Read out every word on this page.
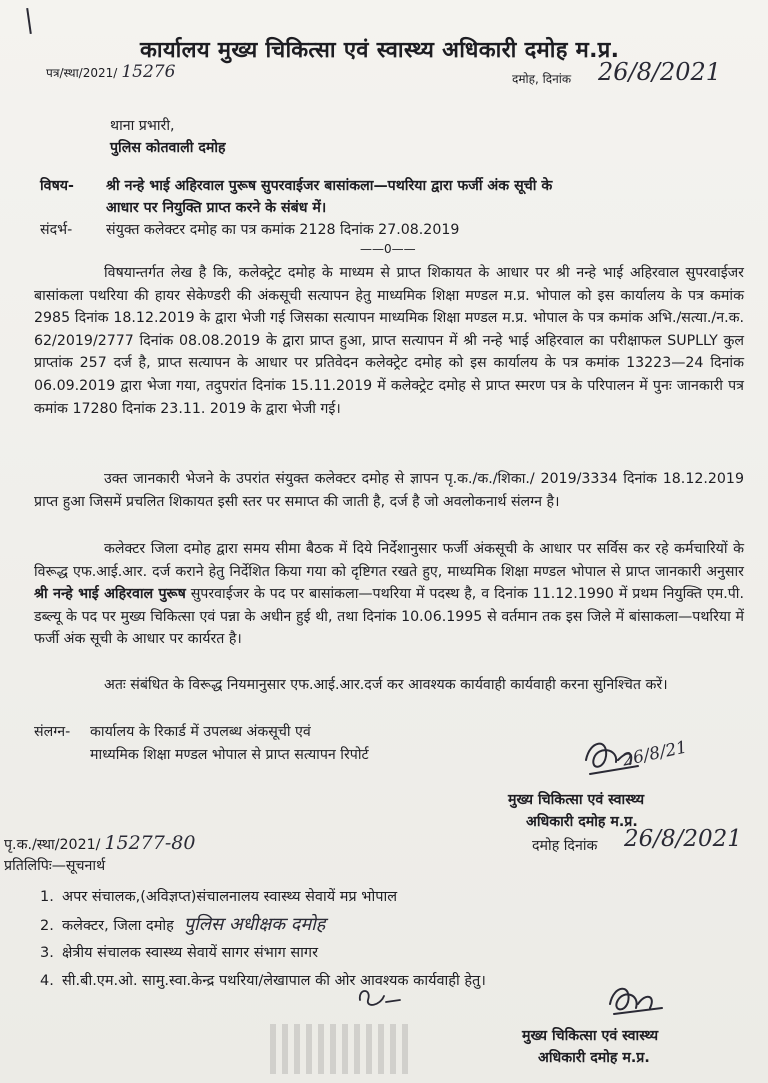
कार्यालय मुख्य चिकित्सा एवं स्वास्थ्य अधिकारी दमोह म.प्र.
पत्र/स्था/2021/ 15276	दमोह, दिनांक 26/8/2021
थाना प्रभारी,
पुलिस कोतवाली दमोह
विषय- श्री नन्हे भाई अहिरवाल पुरूष सुपरवाईजर बासांकला—पथरिया द्वारा फर्जी अंक सूची के
आधार पर नियुक्ति प्राप्त करने के संबंध में।
संदर्भ- संयुक्त कलेक्टर दमोह का पत्र कमांक 2128 दिनांक 27.08.2019
——0——
विषयान्तर्गत लेख है कि, कलेक्ट्रेट दमोह के माध्यम से प्राप्त शिकायत के आधार पर श्री नन्हे भाई अहिरवाल सुपरवाईजर बासांकला पथरिया की हायर सेकेण्डरी की अंकसूची सत्यापन हेतु माध्यमिक शिक्षा मण्डल म.प्र. भोपाल को इस कार्यालय के पत्र कमांक 2985 दिनांक 18.12.2019 के द्वारा भेजी गई जिसका सत्यापन माध्यमिक शिक्षा मण्डल म.प्र. भोपाल के पत्र कमांक अभि./सत्या./न.क. 62/2019/2777 दिनांक 08.08.2019 के द्वारा प्राप्त हुआ, प्राप्त सत्यापन में श्री नन्हे भाई अहिरवाल का परीक्षाफल SUPLLY कुल प्राप्तांक 257 दर्ज है, प्राप्त सत्यापन के आधार पर प्रतिवेदन कलेक्ट्रेट दमोह को इस कार्यालय के पत्र कमांक 13223—24 दिनांक 06.09.2019 द्वारा भेजा गया, तदुपरांत दिनांक 15.11.2019 में कलेक्ट्रेट दमोह से प्राप्त स्मरण पत्र के परिपालन में पुनः जानकारी पत्र कमांक 17280 दिनांक 23.11. 2019 के द्वारा भेजी गई।
उक्त जानकारी भेजने के उपरांत संयुक्त कलेक्टर दमोह से ज्ञापन पृ.क./क./शिका./ 2019/3334 दिनांक 18.12.2019 प्राप्त हुआ जिसमें प्रचलित शिकायत इसी स्तर पर समाप्त की जाती है, दर्ज है जो अवलोकनार्थ संलग्न है।
कलेक्टर जिला दमोह द्वारा समय सीमा बैठक में दिये निर्देशानुसार फर्जी अंकसूची के आधार पर सर्विस कर रहे कर्मचारियों के विरूद्ध एफ.आई.आर. दर्ज कराने हेतु निर्देशित किया गया को दृष्टिगत रखते हुए, माध्यमिक शिक्षा मण्डल भोपाल से प्राप्त जानकारी अनुसार श्री नन्हे भाई अहिरवाल पुरूष सुपरवाईजर के पद पर बासांकला—पथरिया में पदस्थ है, व दिनांक 11.12.1990 में प्रथम नियुक्ति एम.पी. डब्ल्यू के पद पर मुख्य चिकित्सा एवं पन्ना के अधीन हुई थी, तथा दिनांक 10.06.1995 से वर्तमान तक इस जिले में बांसाकला—पथरिया में फर्जी अंक सूची के आधार पर कार्यरत है।
अतः संबंधित के विरूद्ध नियमानुसार एफ.आई.आर.दर्ज कर आवश्यक कार्यवाही कार्यवाही करना सुनिश्चित करें।
संलग्न- कार्यालय के रिकार्ड में उपलब्ध अंकसूची एवं
माध्यमिक शिक्षा मण्डल भोपाल से प्राप्त सत्यापन रिपोर्ट	26/8/21
मुख्य चिकित्सा एवं स्वास्थ्य
अधिकारी दमोह म.प्र.
पृ.क./स्था/2021/ 15277-80	दमोह दिनांक 26/8/2021
प्रतिलिपिः—सूचनार्थ
1. अपर संचालक,(अविज्ञप्त)संचालनालय स्वास्थ्य सेवायें मप्र भोपाल
2. कलेक्टर, जिला दमोह पुलिस अधीक्षक दमोह
3. क्षेत्रीय संचालक स्वास्थ्य सेवायें सागर संभाग सागर
4. सी.बी.एम.ओ. सामु.स्वा.केन्द्र पथरिया/लेखापाल की ओर आवश्यक कार्यवाही हेतु।
मुख्य चिकित्सा एवं स्वास्थ्य
अधिकारी दमोह म.प्र.
